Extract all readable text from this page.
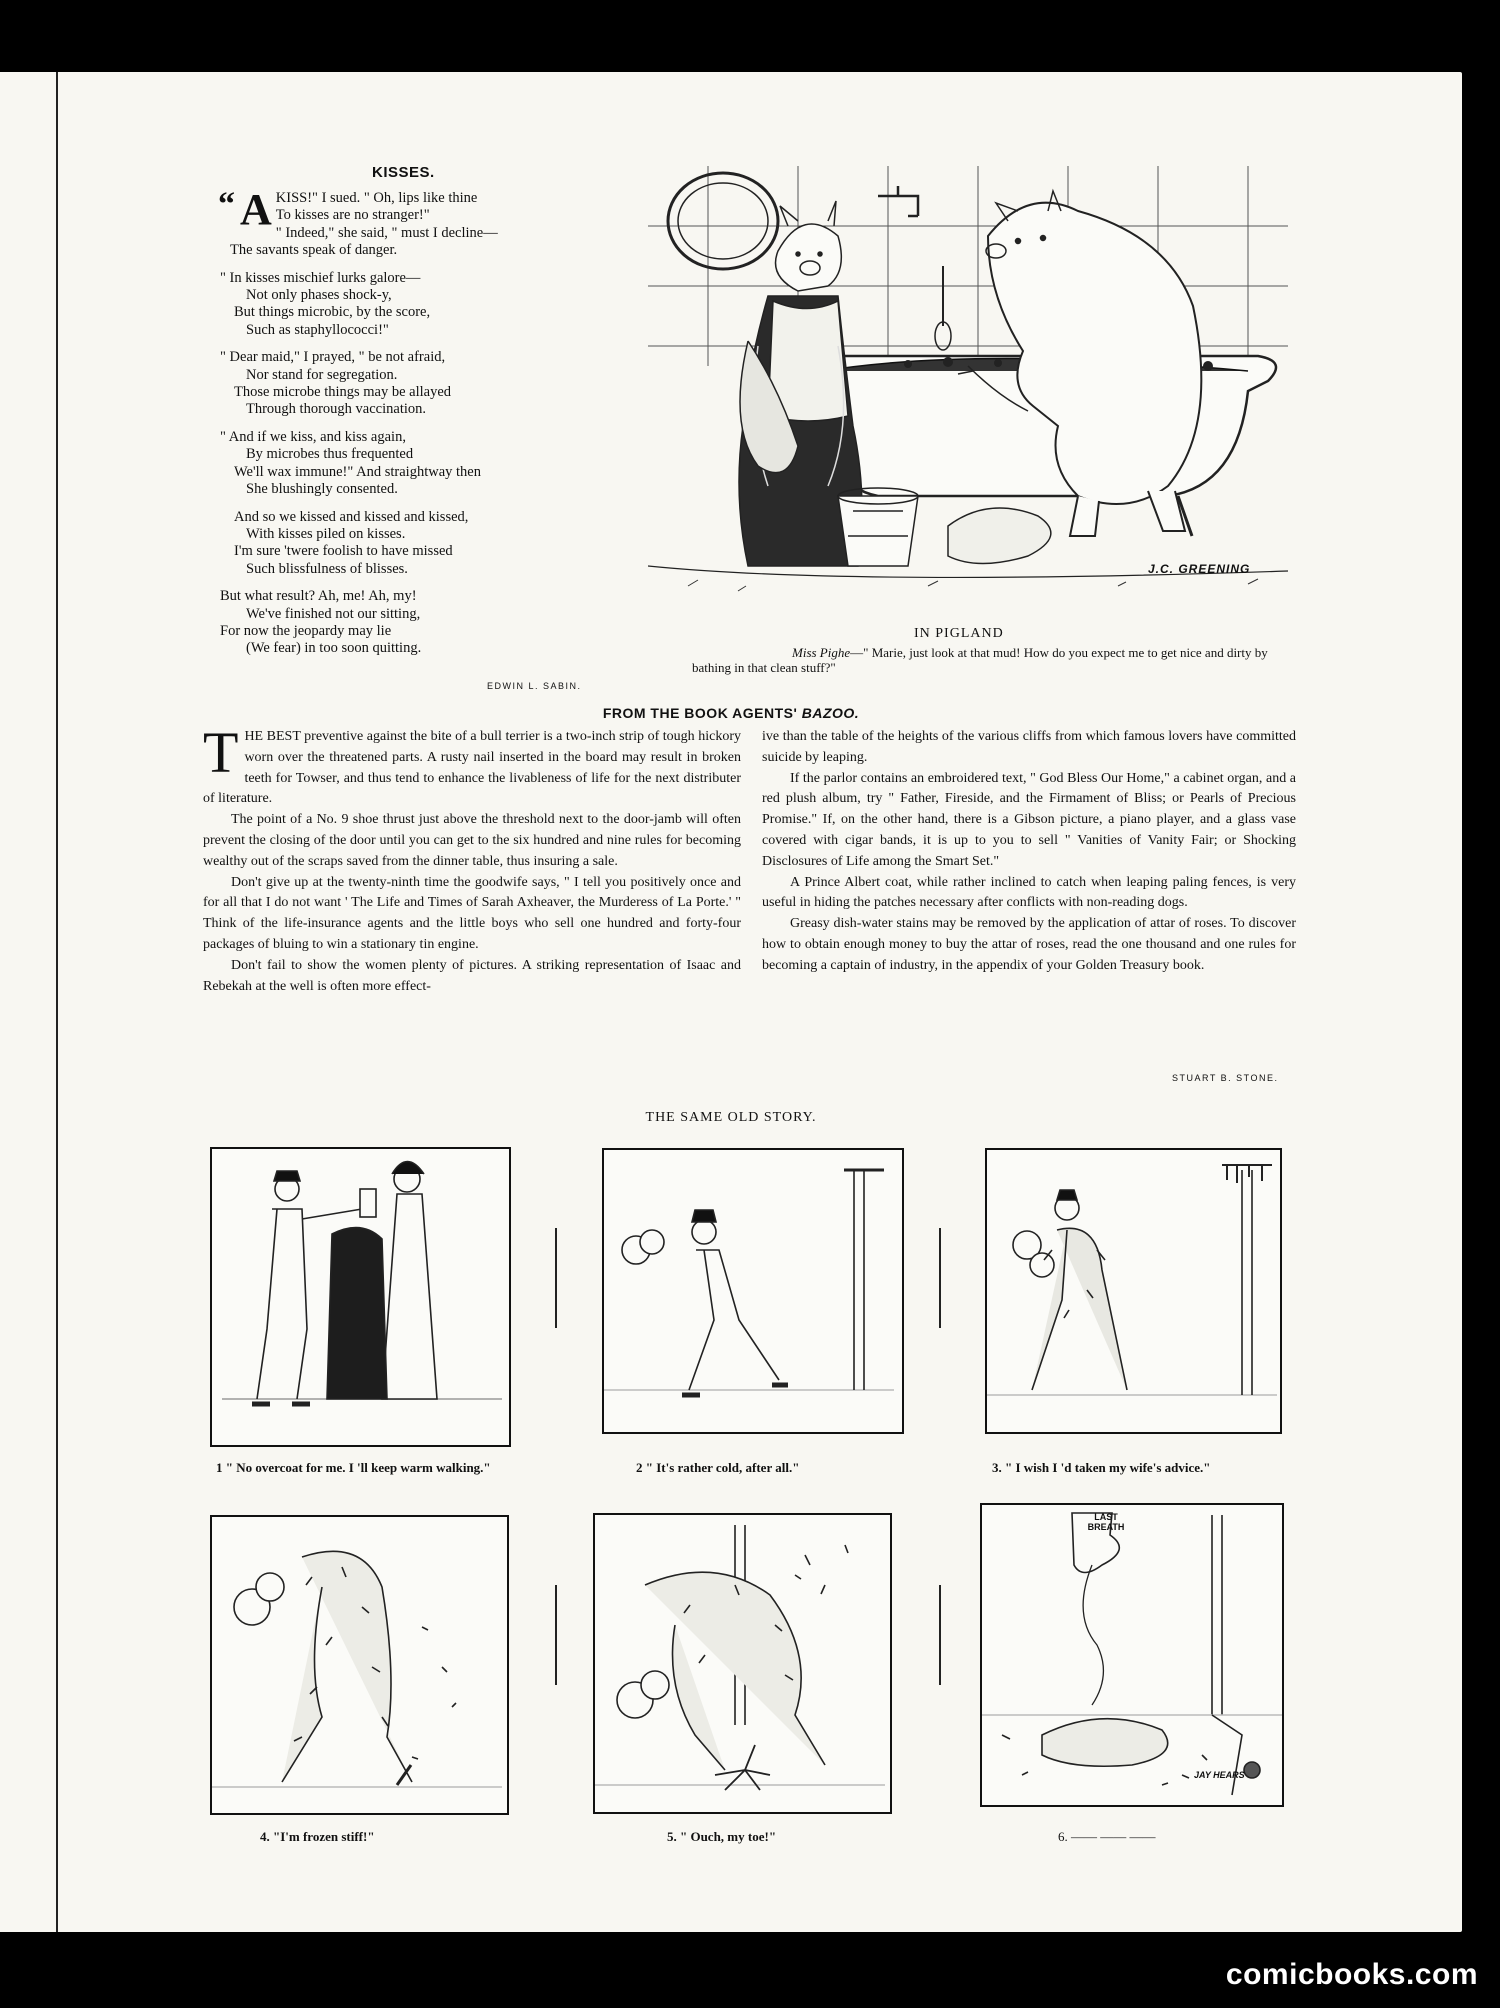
KISSES.
“ A KISS!" I sued. " Oh, lips like thine
To kisses are no stranger!"
" Indeed," she said, " must I decline—
The savants speak of danger.
" In kisses mischief lurks galore—
Not only phases shock-y,
But things microbic, by the score,
Such as staphyllococci!"
" Dear maid," I prayed, " be not afraid,
Nor stand for segregation.
Those microbe things may be allayed
Through thorough vaccination.
" And if we kiss, and kiss again,
By microbes thus frequented
We'll wax immune!" And straightway then
She blushingly consented.
And so we kissed and kissed and kissed,
With kisses piled on kisses.
I'm sure 'twere foolish to have missed
Such blissfulness of blisses.
But what result? Ah, me! Ah, my!
We've finished not our sitting,
For now the jeopardy may lie
(We fear) in too soon quitting.
EDWIN L. SABIN.
J.C. GREENING
IN PIGLAND
Miss Pighe—" Marie, just look at that mud! How do you expect me to get nice and dirty by bathing in that clean stuff?"
FROM THE BOOK AGENTS' BAZOO.

THE BEST preventive against the bite of a bull terrier is a two-inch strip of tough hickory worn over the threatened parts. A rusty nail inserted in the board may result in broken teeth for Towser, and thus tend to enhance the livableness of life for the next distributer of literature.

The point of a No. 9 shoe thrust just above the threshold next to the door-jamb will often prevent the closing of the door until you can get to the six hundred and nine rules for becoming wealthy out of the scraps saved from the dinner table, thus insuring a sale.

Don't give up at the twenty-ninth time the goodwife says, " I tell you positively once and for all that I do not want ' The Life and Times of Sarah Axheaver, the Murderess of La Porte.' " Think of the life-insurance agents and the little boys who sell one hundred and forty-four packages of bluing to win a stationary tin engine.

Don't fail to show the women plenty of pictures. A striking representation of Isaac and Rebekah at the well is often more effect-

ive than the table of the heights of the various cliffs from which famous lovers have committed suicide by leaping.

If the parlor contains an embroidered text, " God Bless Our Home," a cabinet organ, and a red plush album, try " Father, Fireside, and the Firmament of Bliss; or Pearls of Precious Promise." If, on the other hand, there is a Gibson picture, a piano player, and a glass vase covered with cigar bands, it is up to you to sell " Vanities of Vanity Fair; or Shocking Disclosures of Life among the Smart Set."

A Prince Albert coat, while rather inclined to catch when leaping paling fences, is very useful in hiding the patches necessary after conflicts with non-reading dogs.

Greasy dish-water stains may be removed by the application of attar of roses. To discover how to obtain enough money to buy the attar of roses, read the one thousand and one rules for becoming a captain of industry, in the appendix of your Golden Treasury book.

STUART B. STONE.
THE SAME OLD STORY.
1 " No overcoat for me. I 'll keep warm walking."	2 " It's rather cold, after all."	3. " I wish I 'd taken my wife's advice."
4. "I'm frozen stiff!"	5. " Ouch, my toe!"
LAST BREATH
JAY HEARS
6. —— —— ——
comicbooks.com
